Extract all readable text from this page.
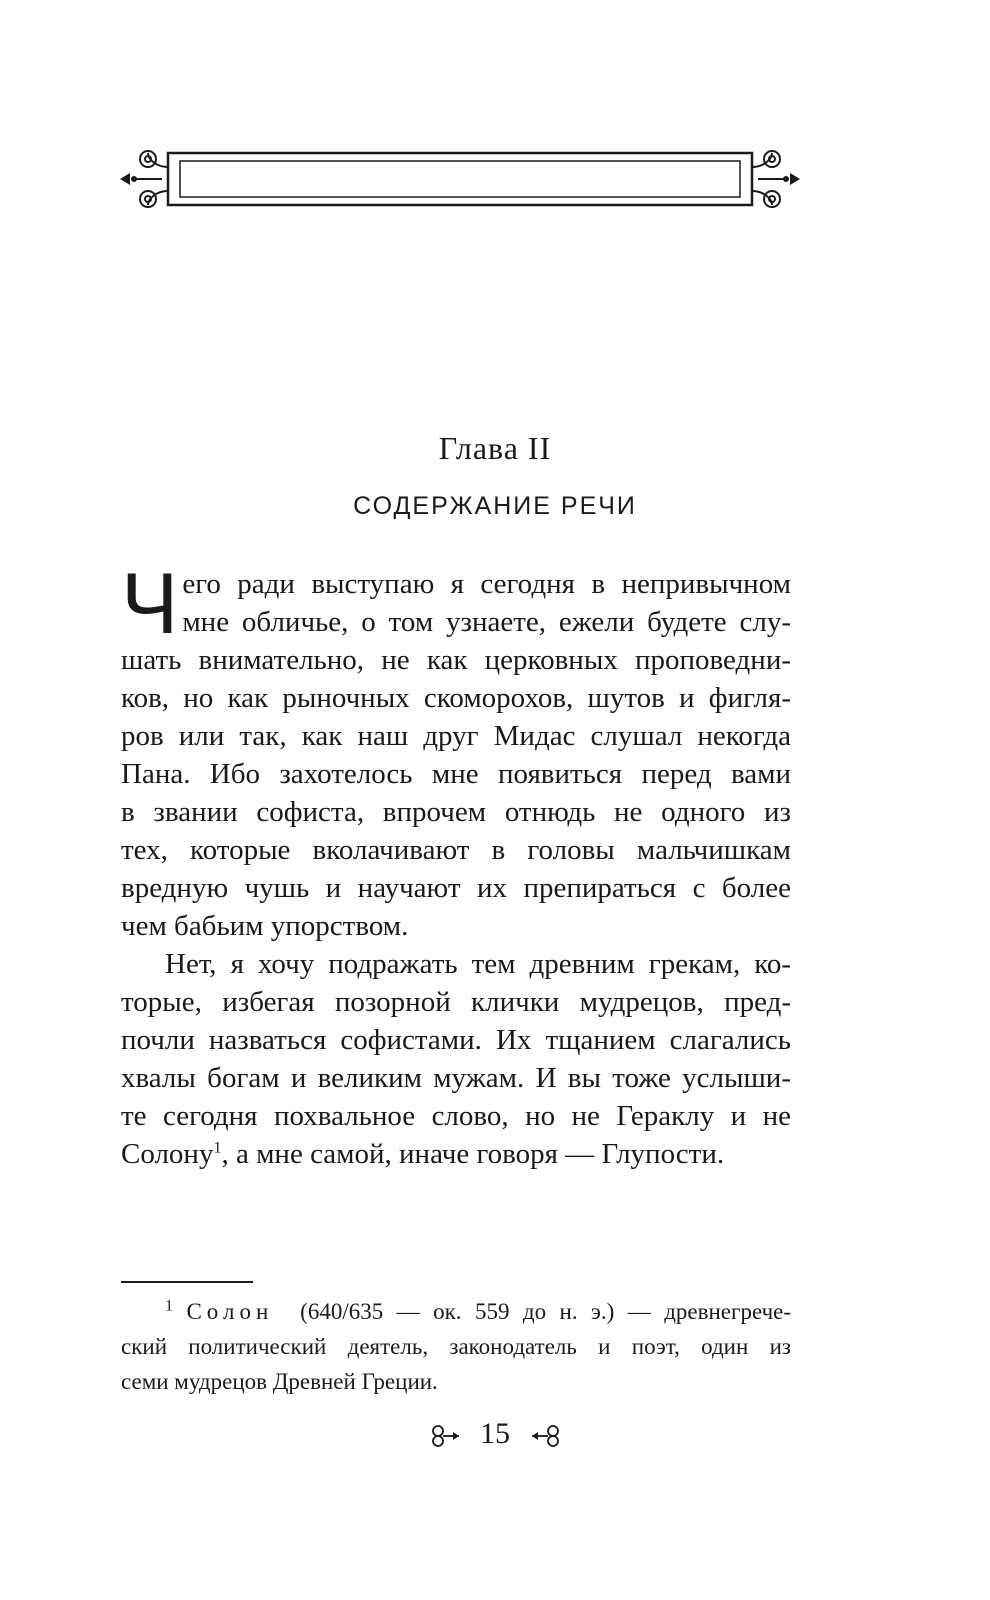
Глава II
СОДЕРЖАНИЕ РЕЧИ
Ч его ради выступаю я сегодня в непривычном
мне обличье, о том узнаете, ежели будете слу-
шать внимательно, не как церковных проповедни-
ков, но как рыночных скоморохов, шутов и фигля-
ров или так, как наш друг Мидас слушал некогда
Пана. Ибо захотелось мне появиться перед вами
в звании софиста, впрочем отнюдь не одного из
тех, которые вколачивают в головы мальчишкам
вредную чушь и научают их препираться с более
чем бабьим упорством.
Нет, я хочу подражать тем древним грекам, ко-
торые, избегая позорной клички мудрецов, пред-
почли назваться софистами. Их тщанием слагались
хвалы богам и великим мужам. И вы тоже услыши-
те сегодня похвальное слово, но не Гераклу и не
Солону$^1$, а мне самой, иначе говоря — Глупости.
$^1$ Солон (640/635 — ок. 559 до н. э.) — древнегрече-
ский политический деятель, законодатель и поэт, один из
семи мудрецов Древней Греции.
15
